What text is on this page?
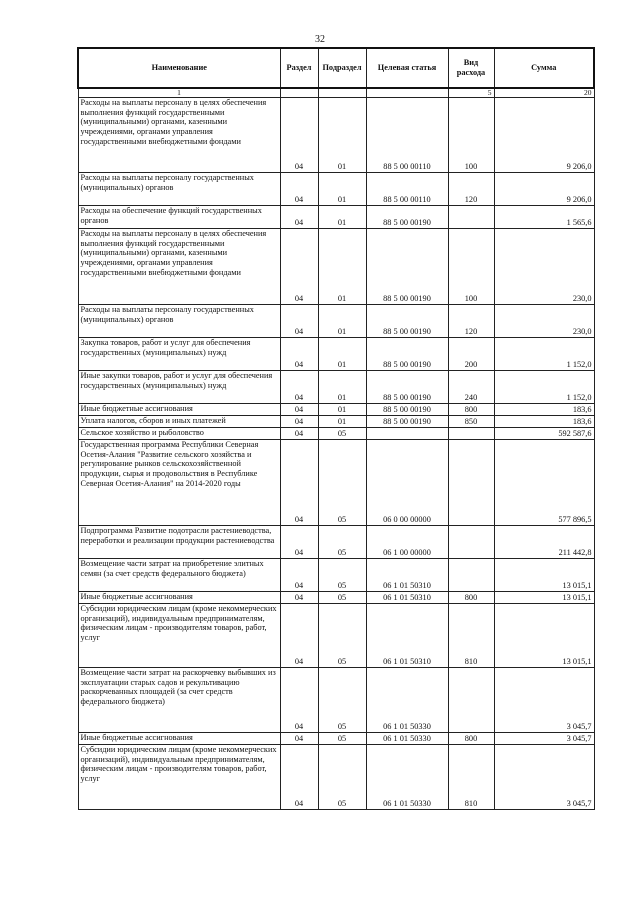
32
Наименование	Раздел	Подраздел	Целевая статья	Вид расхода	Сумма
1				5	20
Расходы на выплаты персоналу в целях обеспечения выполнения функций государственными (муниципальными) органами, казенными учреждениями, органами управления государственными внебюджетными фондами	04	01	88 5 00 00110	100	9 206,0
Расходы на выплаты персоналу государственных (муниципальных) органов	04	01	88 5 00 00110	120	9 206,0
Расходы на обеспечение функций государственных органов	04	01	88 5 00 00190		1 565,6
Расходы на выплаты персоналу в целях обеспечения выполнения функций государственными (муниципальными) органами, казенными учреждениями, органами управления государственными внебюджетными фондами	04	01	88 5 00 00190	100	230,0
Расходы на выплаты персоналу государственных (муниципальных) органов	04	01	88 5 00 00190	120	230,0
Закупка товаров, работ и услуг для обеспечения государственных (муниципальных) нужд	04	01	88 5 00 00190	200	1 152,0
Иные закупки товаров, работ и услуг для обеспечения государственных (муниципальных) нужд	04	01	88 5 00 00190	240	1 152,0
Иные бюджетные ассигнования	04	01	88 5 00 00190	800	183,6
Уплата налогов, сборов и иных платежей	04	01	88 5 00 00190	850	183,6
Сельское хозяйство и рыболовство	04	05			592 587,6
Государственная программа Республики Северная Осетия-Алания "Развитие сельского хозяйства и регулирование рынков сельскохозяйственной продукции, сырья и продовольствия в Республике Северная Осетия-Алания" на 2014-2020 годы	04	05	06 0 00 00000		577 896,5
Подпрограмма Развитие подотрасли растениеводства, переработки и реализации продукции растениеводства	04	05	06 1 00 00000		211 442,8
Возмещение части затрат на приобретение элитных семян (за счет средств федерального бюджета)	04	05	06 1 01 50310		13 015,1
Иные бюджетные ассигнования	04	05	06 1 01 50310	800	13 015,1
Субсидии юридическим лицам (кроме некоммерческих организаций), индивидуальным предпринимателям, физическим лицам - производителям товаров, работ, услуг	04	05	06 1 01 50310	810	13 015,1
Возмещение части затрат на раскорчевку выбывших из эксплуатации старых садов и рекультивацию раскорчеванных площадей (за счет средств федерального бюджета)	04	05	06 1 01 50330		3 045,7
Иные бюджетные ассигнования	04	05	06 1 01 50330	800	3 045,7
Субсидии юридическим лицам (кроме некоммерческих организаций), индивидуальным предпринимателям, физическим лицам - производителям товаров, работ, услуг	04	05	06 1 01 50330	810	3 045,7
